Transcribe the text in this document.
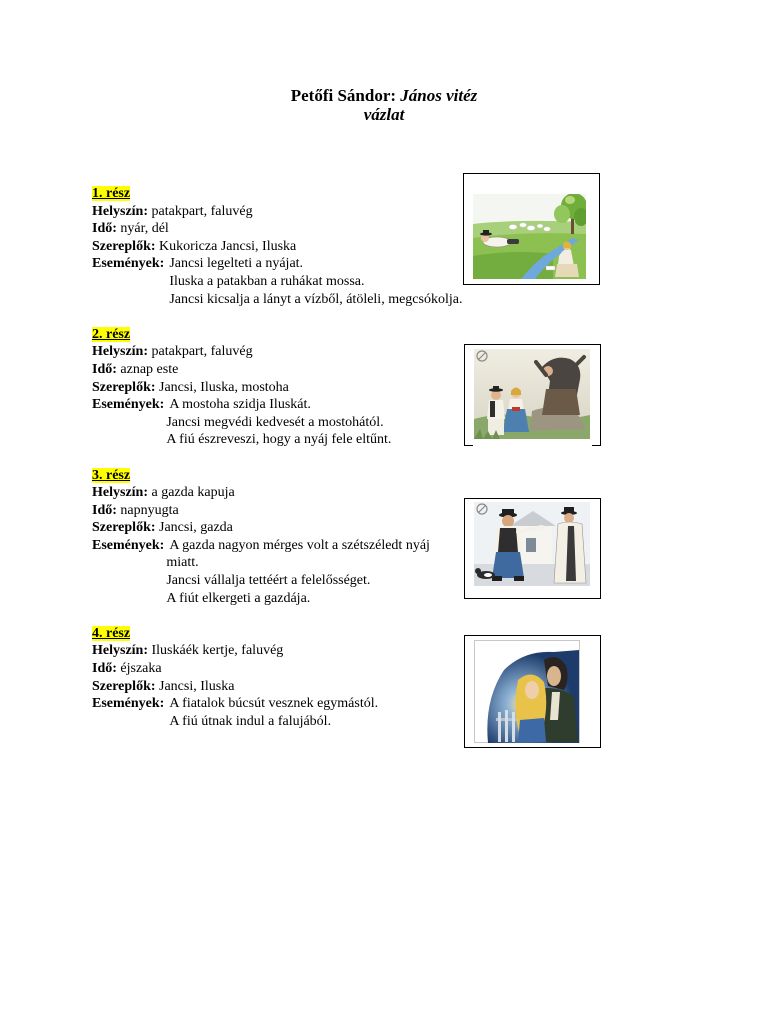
Petőfi Sándor: János vitéz
vázlat
1. rész
Helyszín: patakpart, faluvég
Idő: nyár, dél
Szereplők: Kukoricza Jancsi, Iluska
Események: Jancsi legelteti a nyájat.
Iluska a patakban a ruhákat mossa.
Jancsi kicsalja a lányt a vízből, átöleli, megcsókolja.
2. rész
Helyszín: patakpart, faluvég
Idő: aznap este
Szereplők: Jancsi, Iluska, mostoha
Események: A mostoha szidja Iluskát.
Jancsi megvédi kedvesét a mostohától.
A fiú észreveszi, hogy a nyáj fele eltűnt.
3. rész
Helyszín: a gazda kapuja
Idő: napnyugta
Szereplők: Jancsi, gazda
Események: A gazda nagyon mérges volt a szétszéledt nyáj miatt.
Jancsi vállalja tettéért a felelősséget.
A fiút elkergeti a gazdája.
4. rész
Helyszín: Iluskáék kertje, faluvég
Idő: éjszaka
Szereplők: Jancsi, Iluska
Események: A fiatalok búcsút vesznek egymástól.
A fiú útnak indul a falujából.
